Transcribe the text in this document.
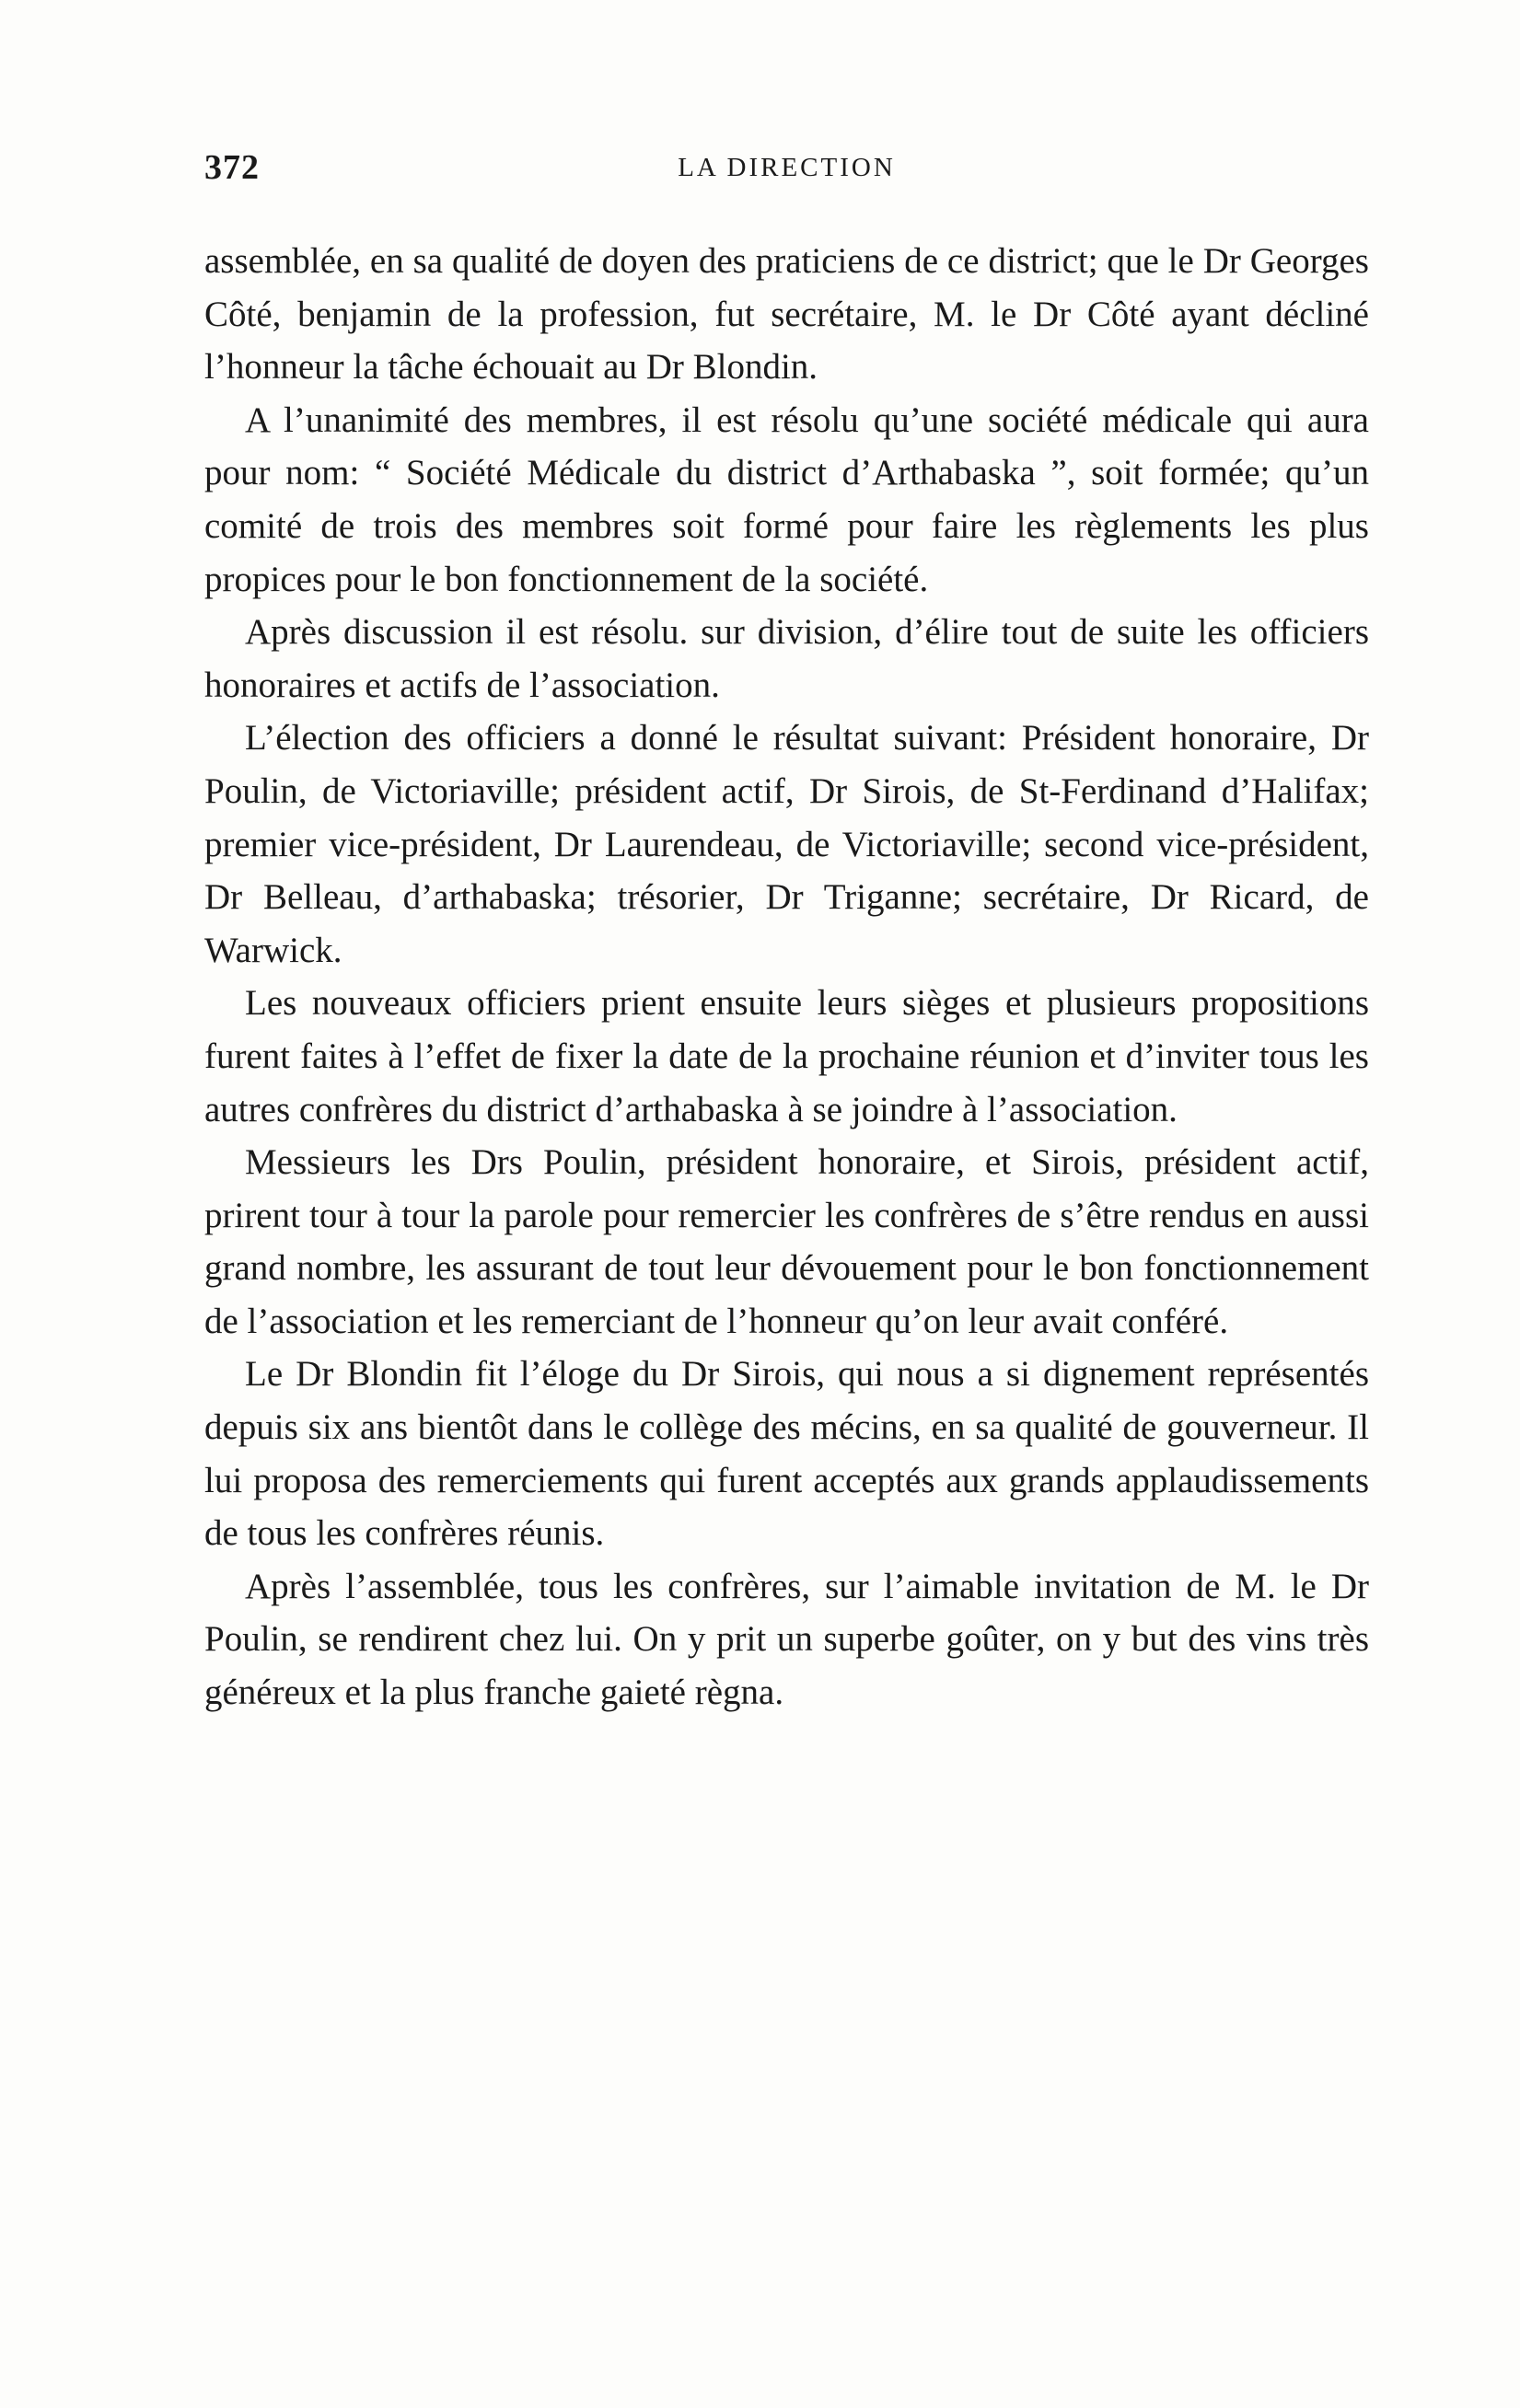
372	LA DIRECTION

assemblée, en sa qualité de doyen des praticiens de ce district; que le Dr Georges Côté, benjamin de la profession, fut secrétaire, M. le Dr Côté ayant décliné l’honneur la tâche échouait au Dr Blondin.

A l’unanimité des membres, il est résolu qu’une société médicale qui aura pour nom: “ Société Médicale du district d’Arthabaska ”, soit formée; qu’un comité de trois des membres soit formé pour faire les règlements les plus propices pour le bon fonctionnement de la société.

Après discussion il est résolu. sur division, d’élire tout de suite les officiers honoraires et actifs de l’association.

L’élection des officiers a donné le résultat suivant: Président honoraire, Dr Poulin, de Victoriaville; président actif, Dr Sirois, de St-Ferdinand d’Halifax; premier vice-président, Dr Laurendeau, de Victoriaville; second vice-président, Dr Belleau, d’arthabaska; trésorier, Dr Triganne; secrétaire, Dr Ricard, de Warwick.

Les nouveaux officiers prient ensuite leurs sièges et plusieurs propositions furent faites à l’effet de fixer la date de la prochaine réunion et d’inviter tous les autres confrères du district d’arthabaska à se joindre à l’association.

Messieurs les Drs Poulin, président honoraire, et Sirois, président actif, prirent tour à tour la parole pour remercier les confrères de s’être rendus en aussi grand nombre, les assurant de tout leur dévouement pour le bon fonctionnement de l’association et les remerciant de l’honneur qu’on leur avait conféré.

Le Dr Blondin fit l’éloge du Dr Sirois, qui nous a si dignement représentés depuis six ans bientôt dans le collège des mécins, en sa qualité de gouverneur. Il lui proposa des remerciements qui furent acceptés aux grands applaudissements de tous les confrères réunis.

Après l’assemblée, tous les confrères, sur l’aimable invitation de M. le Dr Poulin, se rendirent chez lui. On y prit un superbe goûter, on y but des vins très généreux et la plus franche gaieté règna.
